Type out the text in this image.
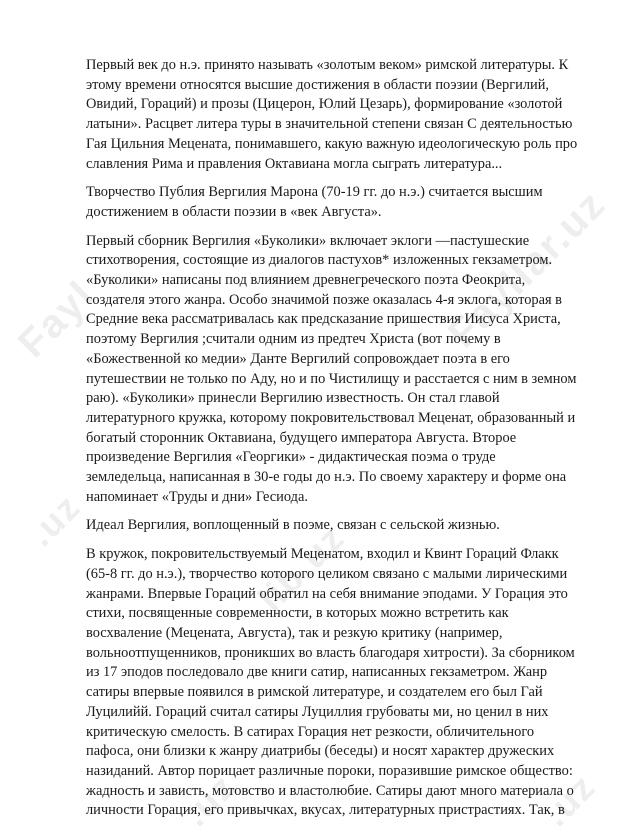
Fayl	Fayllar.uz
.uz	lib.uz
.uz	.uz

Первый век до н.э. принято называть «золотым веком» римской литературы. К этому времени относятся высшие достижения в области поэзии (Вергилий, Овидий, Гораций) и прозы (Цицерон, Юлий Цезарь), формирование «золотой латыни». Расцвет литера туры в значительной степени связан С деятельностью Гая Цильния Мецената, понимавшего, какую важную идеологическую роль про славления Рима и правления Октавиана могла сыграть литература...

Творчество Публия Вергилия Марона (70-19 гг. до н.э.) считается высшим достижением в области поэзии в «век Августа».

Первый сборник Вергилия «Буколики» включает эклоги —пастушеские стихотворения, состоящие из диалогов пастухов* изложенных гекзаметром. «Буколики» написаны под влиянием древнегреческого поэта Феокрита, создателя этого жанра. Особо значимой позже оказалась 4-я эклога, которая в Средние века рассматривалась как предсказание пришествия Иисуса Христа, поэтому Вергилия ;считали одним из предтеч Христа (вот почему в «Божественной ко медии» Данте Вергилий сопровождает поэта в его путешествии не только по Аду, но и по Чистилищу и расстается с ним в земном раю). «Буколики» принесли Вергилию известность. Он стал главой литературного кружка, которому покровительствовал Меценат, образованный и богатый сторонник Октавиана, будущего императора Августа. Второе произведение Вергилия «Георгики» - дидактическая поэма о труде земледельца, написанная в 30-е годы до н.э. По своему характеру и форме она напоминает «Труды и дни» Гесиода.

Идеал Вергилия, воплощенный в поэме, связан с сельской жизнью.

В кружок, покровительствуемый Меценатом, входил и Квинт Гораций Флакк (65-8 гг. до н.э.), творчество которого целиком связано с малыми лирическими жанрами. Впервые Гораций обратил на себя внимание эподами. У Горация это стихи, посвященные современности, в которых можно встретить как восхваление (Мецената, Августа), так и резкую критику (например, вольноотпущенников, проникших во власть благодаря хитрости). За сборником из 17 эподов последовало две книги сатир, написанных гекзаметром. Жанр сатиры впервые появился в римской литературе, и создателем его был Гай Луцилийй. Гораций считал сатиры Луциллия грубоваты ми, но ценил в них критическую смелость. В сатирах Горация нет резкости, обличительного пафоса, они близки к жанру диатрибы (беседы) и носят характер дружеских назиданий. Автор порицает различные пороки, поразившие римское общество: жадность и зависть, мотовство и властолюбие. Сатиры дают много материала о личности Горация, его привычках, вкусах, литературных пристрастиях. Так, в
